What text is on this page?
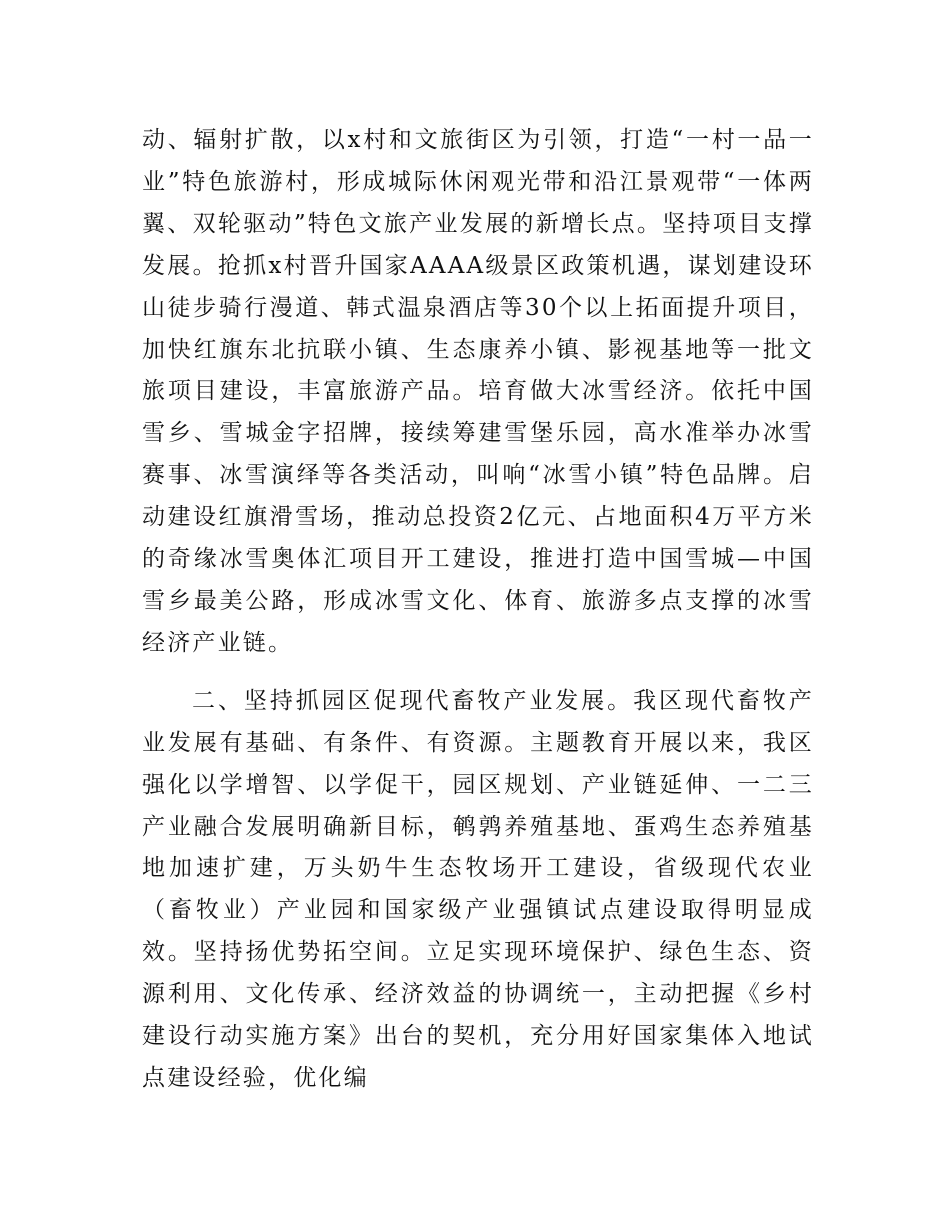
动、辐射扩散，以x村和文旅街区为引领，打造“一村一品一业”特色旅游村，形成城际休闲观光带和沿江景观带“一体两翼、双轮驱动”特色文旅产业发展的新增长点。坚持项目支撑发展。抢抓x村晋升国家AAAA级景区政策机遇，谋划建设环山徒步骑行漫道、韩式温泉酒店等30个以上拓面提升项目，加快红旗东北抗联小镇、生态康养小镇、影视基地等一批文旅项目建设，丰富旅游产品。培育做大冰雪经济。依托中国雪乡、雪城金字招牌，接续筹建雪堡乐园，高水准举办冰雪赛事、冰雪演绎等各类活动，叫响“冰雪小镇”特色品牌。启动建设红旗滑雪场，推动总投资2亿元、占地面积4万平方米的奇缘冰雪奥体汇项目开工建设，推进打造中国雪城—中国雪乡最美公路，形成冰雪文化、体育、旅游多点支撑的冰雪经济产业链。

二、坚持抓园区促现代畜牧产业发展。我区现代畜牧产业发展有基础、有条件、有资源。主题教育开展以来，我区强化以学增智、以学促干，园区规划、产业链延伸、一二三产业融合发展明确新目标，鹌鹑养殖基地、蛋鸡生态养殖基地加速扩建，万头奶牛生态牧场开工建设，省级现代农业（畜牧业）产业园和国家级产业强镇试点建设取得明显成效。坚持扬优势拓空间。立足实现环境保护、绿色生态、资源利用、文化传承、经济效益的协调统一，主动把握《乡村建设行动实施方案》出台的契机，充分用好国家集体入地试点建设经验，优化编
